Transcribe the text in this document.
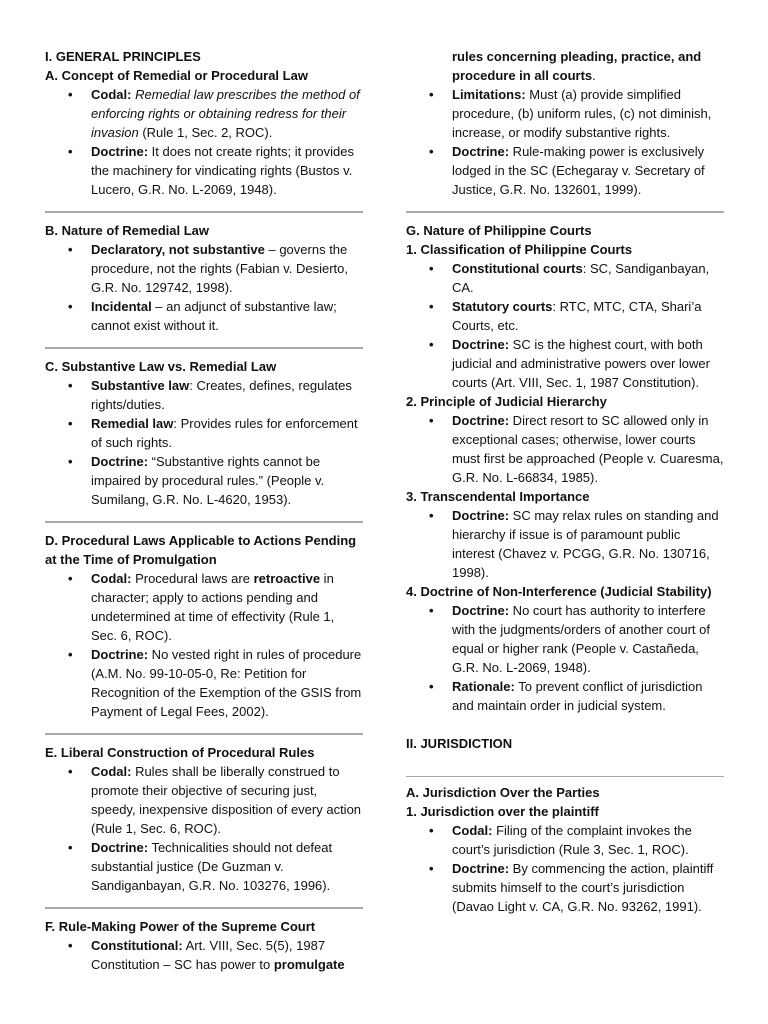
I. GENERAL PRINCIPLES
A. Concept of Remedial or Procedural Law
• Codal: Remedial law prescribes the method of enforcing rights or obtaining redress for their invasion (Rule 1, Sec. 2, ROC).
• Doctrine: It does not create rights; it provides the machinery for vindicating rights (Bustos v. Lucero, G.R. No. L-2069, 1948).
B. Nature of Remedial Law
• Declaratory, not substantive – governs the procedure, not the rights (Fabian v. Desierto, G.R. No. 129742, 1998).
• Incidental – an adjunct of substantive law; cannot exist without it.
C. Substantive Law vs. Remedial Law
• Substantive law: Creates, defines, regulates rights/duties.
• Remedial law: Provides rules for enforcement of such rights.
• Doctrine: “Substantive rights cannot be impaired by procedural rules.” (People v. Sumilang, G.R. No. L-4620, 1953).
D. Procedural Laws Applicable to Actions Pending at the Time of Promulgation
• Codal: Procedural laws are retroactive in character; apply to actions pending and undetermined at time of effectivity (Rule 1, Sec. 6, ROC).
• Doctrine: No vested right in rules of procedure (A.M. No. 99-10-05-0, Re: Petition for Recognition of the Exemption of the GSIS from Payment of Legal Fees, 2002).
E. Liberal Construction of Procedural Rules
• Codal: Rules shall be liberally construed to promote their objective of securing just, speedy, inexpensive disposition of every action (Rule 1, Sec. 6, ROC).
• Doctrine: Technicalities should not defeat substantial justice (De Guzman v. Sandiganbayan, G.R. No. 103276, 1996).
F. Rule-Making Power of the Supreme Court
• Constitutional: Art. VIII, Sec. 5(5), 1987 Constitution – SC has power to promulgate
rules concerning pleading, practice, and procedure in all courts.
• Limitations: Must (a) provide simplified procedure, (b) uniform rules, (c) not diminish, increase, or modify substantive rights.
• Doctrine: Rule-making power is exclusively lodged in the SC (Echegaray v. Secretary of Justice, G.R. No. 132601, 1999).
G. Nature of Philippine Courts
1. Classification of Philippine Courts
• Constitutional courts: SC, Sandiganbayan, CA.
• Statutory courts: RTC, MTC, CTA, Shari’a Courts, etc.
• Doctrine: SC is the highest court, with both judicial and administrative powers over lower courts (Art. VIII, Sec. 1, 1987 Constitution).
2. Principle of Judicial Hierarchy
• Doctrine: Direct resort to SC allowed only in exceptional cases; otherwise, lower courts must first be approached (People v. Cuaresma, G.R. No. L-66834, 1985).
3. Transcendental Importance
• Doctrine: SC may relax rules on standing and hierarchy if issue is of paramount public interest (Chavez v. PCGG, G.R. No. 130716, 1998).
4. Doctrine of Non-Interference (Judicial Stability)
• Doctrine: No court has authority to interfere with the judgments/orders of another court of equal or higher rank (People v. Castañeda, G.R. No. L-2069, 1948).
• Rationale: To prevent conflict of jurisdiction and maintain order in judicial system.
II. JURISDICTION
A. Jurisdiction Over the Parties
1. Jurisdiction over the plaintiff
• Codal: Filing of the complaint invokes the court’s jurisdiction (Rule 3, Sec. 1, ROC).
• Doctrine: By commencing the action, plaintiff submits himself to the court’s jurisdiction (Davao Light v. CA, G.R. No. 93262, 1991).
